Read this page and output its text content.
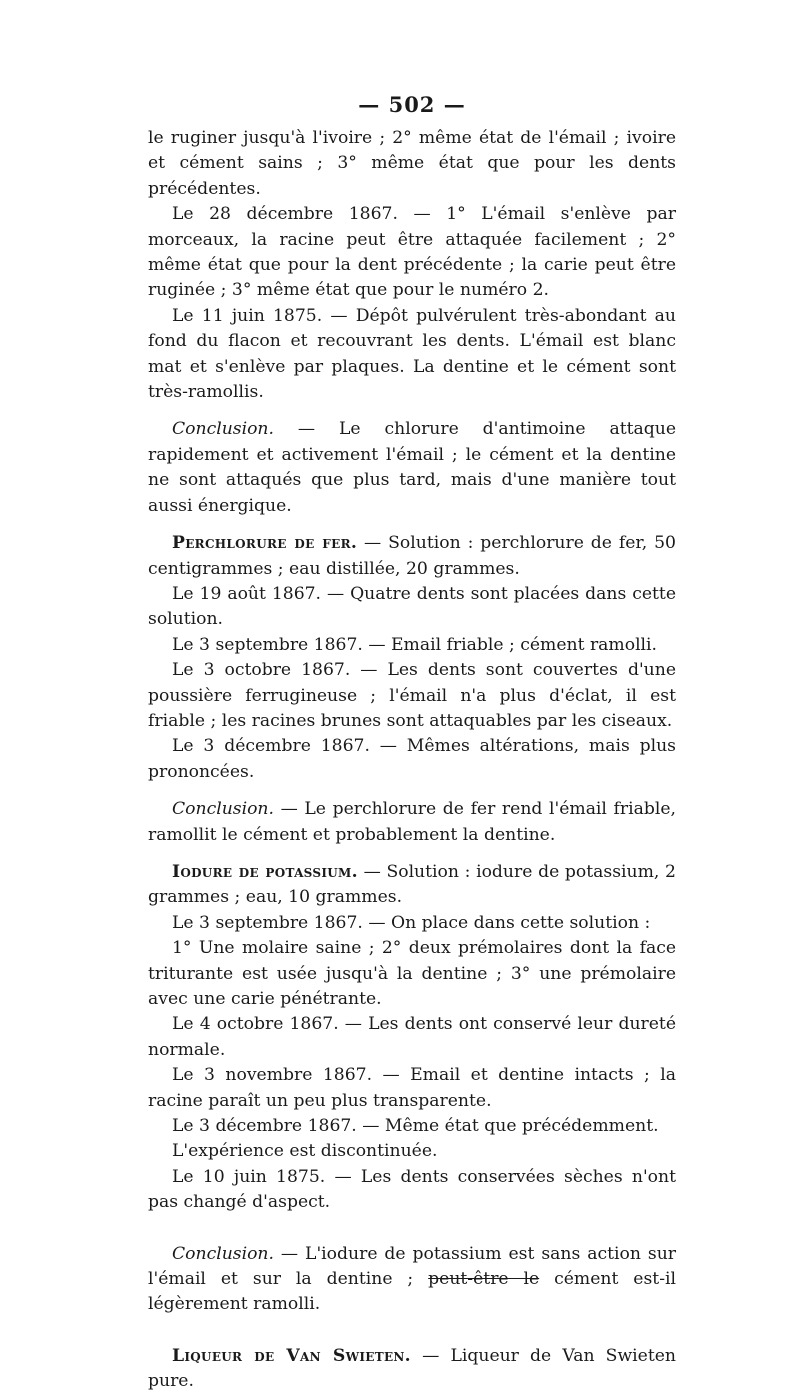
— 502 —

le ruginer jusqu'à l'ivoire ; 2° même état de l'émail ; ivoire et cément sains ; 3° même état que pour les dents précédentes.

Le 28 décembre 1867. — 1° L'émail s'enlève par morceaux, la racine peut être attaquée facilement ; 2° même état que pour la dent précédente ; la carie peut être ruginée ; 3° même état que pour le numéro 2.

Le 11 juin 1875. — Dépôt pulvérulent très-abondant au fond du flacon et recouvrant les dents. L'émail est blanc mat et s'enlève par plaques. La dentine et le cément sont très-ramollis.

Conclusion. — Le chlorure d'antimoine attaque rapidement et activement l'émail ; le cément et la dentine ne sont attaqués que plus tard, mais d'une manière tout aussi énergique.

Perchlorure de fer. — Solution : perchlorure de fer, 50 centigrammes ; eau distillée, 20 grammes.

Le 19 août 1867. — Quatre dents sont placées dans cette solution.

Le 3 septembre 1867. — Email friable ; cément ramolli.

Le 3 octobre 1867. — Les dents sont couvertes d'une poussière ferrugineuse ; l'émail n'a plus d'éclat, il est friable ; les racines brunes sont attaquables par les ciseaux.

Le 3 décembre 1867. — Mêmes altérations, mais plus prononcées.

Conclusion. — Le perchlorure de fer rend l'émail friable, ramollit le cément et probablement la dentine.

Iodure de potassium. — Solution : iodure de potassium, 2 grammes ; eau, 10 grammes.

Le 3 septembre 1867. — On place dans cette solution :

1° Une molaire saine ; 2° deux prémolaires dont la face triturante est usée jusqu'à la dentine ; 3° une prémolaire avec une carie pénétrante.

Le 4 octobre 1867. — Les dents ont conservé leur dureté normale.

Le 3 novembre 1867. — Email et dentine intacts ; la racine paraît un peu plus transparente.

Le 3 décembre 1867. — Même état que précédemment.

L'expérience est discontinuée.

Le 10 juin 1875. — Les dents conservées sèches n'ont pas changé d'aspect.

Conclusion. — L'iodure de potassium est sans action sur l'émail et sur la dentine ; peut-être le cément est-il légèrement ramolli.

Liqueur de Van Swieten. — Liqueur de Van Swieten pure.
